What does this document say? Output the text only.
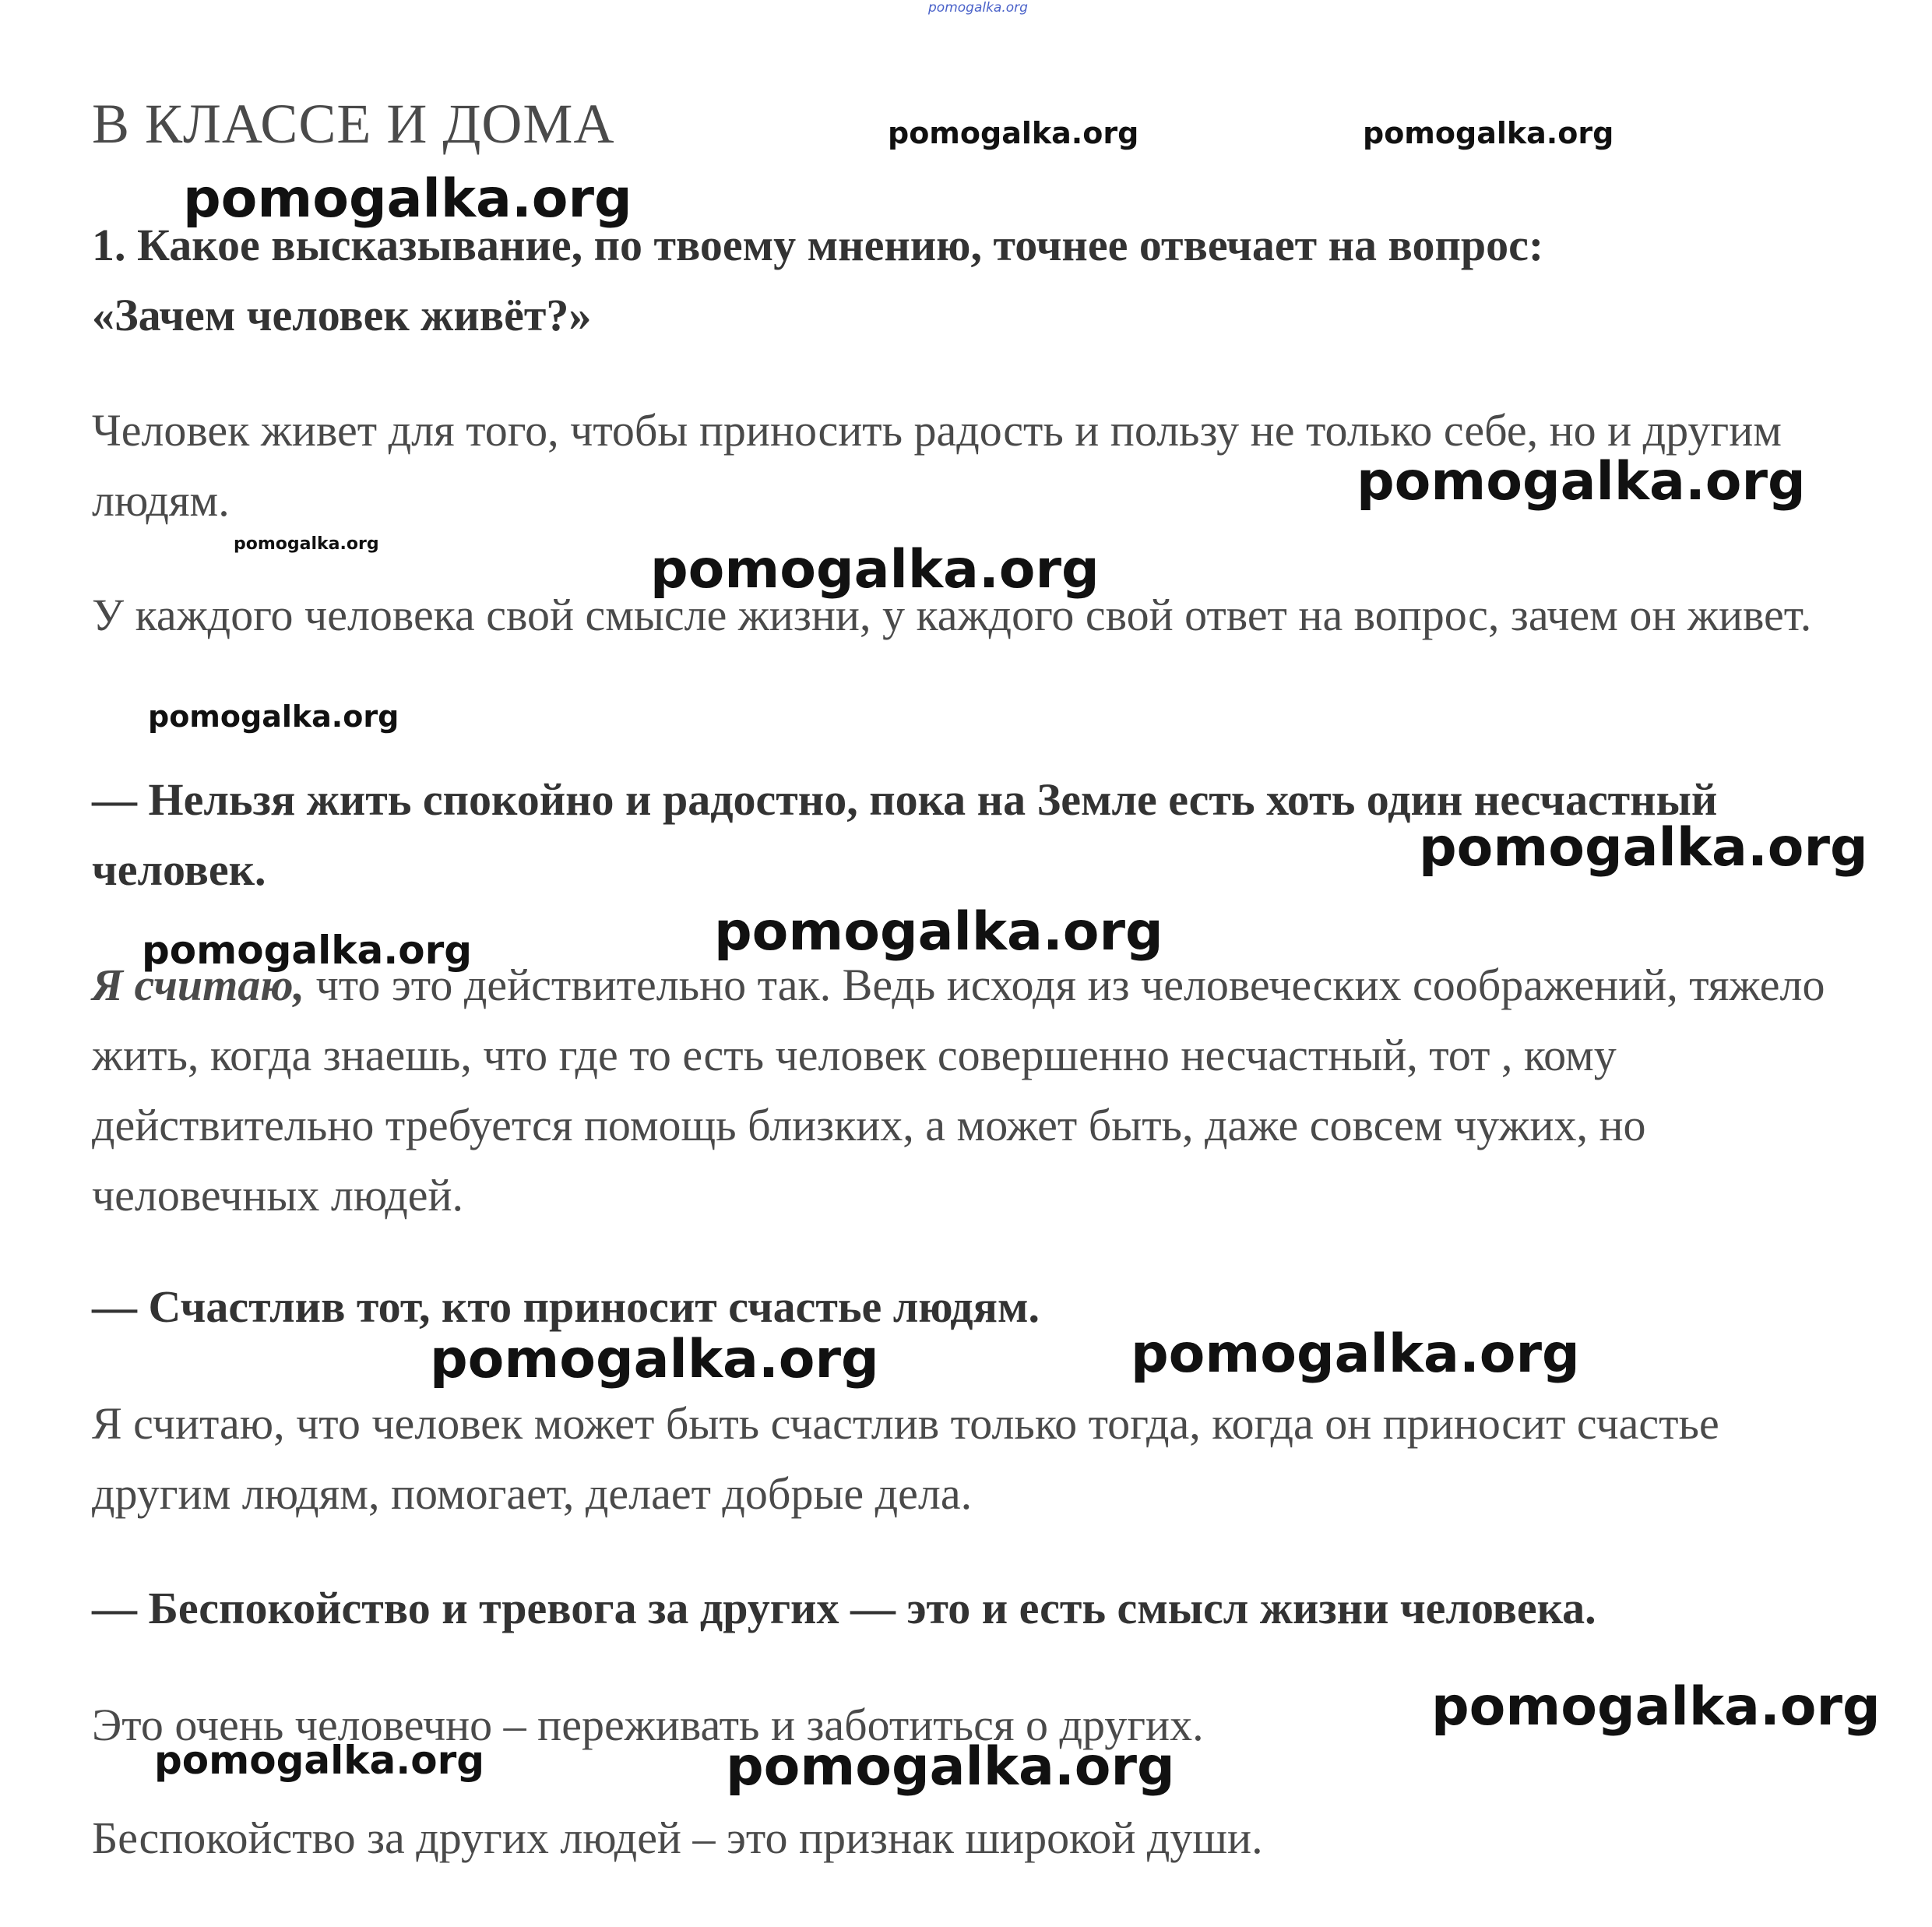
pomogalka.org
В КЛАССЕ И ДОМА
1. Какое высказывание, по твоему мнению, точнее отвечает на вопрос:
«Зачем человек живёт?»
Человек живет для того, чтобы приносить радость и пользу не только себе, но и другим людям.
У каждого человека свой смысле жизни, у каждого свой ответ на вопрос, зачем он живет.
— Нельзя жить спокойно и радостно, пока на Земле есть хоть один несчастный человек.
Я считаю, что это действительно так. Ведь исходя из человеческих соображений, тяжело жить, когда знаешь, что где то есть человек совершенно несчастный, тот , кому действительно требуется помощь близких, а может быть, даже совсем чужих, но человечных людей.
— Счастлив тот, кто приносит счастье людям.
Я считаю, что человек может быть счастлив только тогда, когда он приносит счастье другим людям, помогает, делает добрые дела.
— Беспокойство и тревога за других — это и есть смысл жизни человека.
Это очень человечно – переживать и заботиться о других.
Беспокойство за других людей – это признак широкой души.
pomogalka.org	pomogalka.org
pomogalka.org
pomogalka.org
pomogalka.org	pomogalka.org
pomogalka.org
pomogalka.org
pomogalka.org
pomogalka.org
pomogalka.org	pomogalka.org
pomogalka.org
pomogalka.org	pomogalka.org
